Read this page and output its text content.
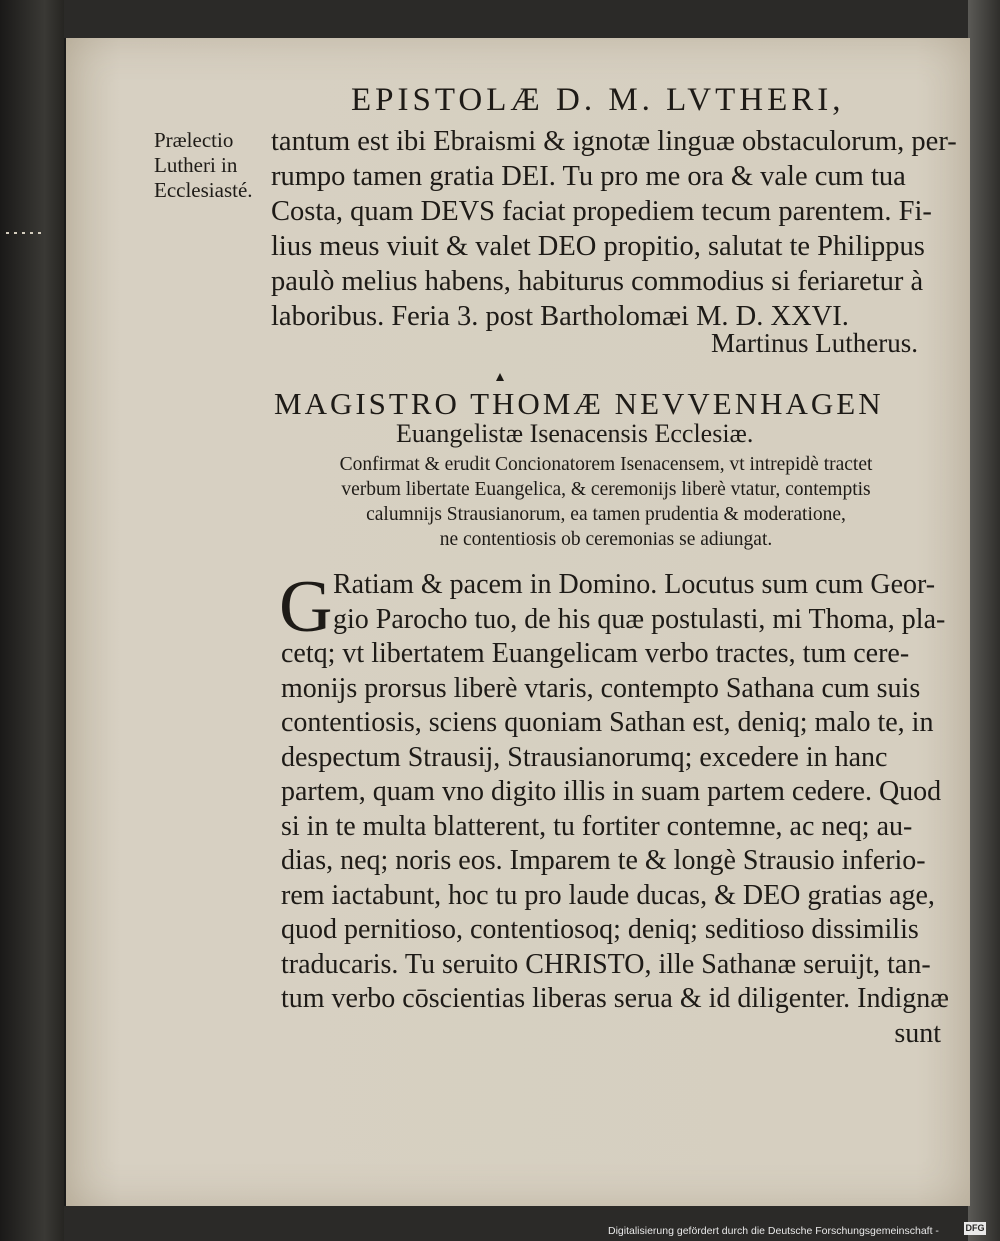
EPISTOLÆ D. M. LVTHERI,
Prælectio
Lutheri in
Ecclesiasté.
tantum est ibi Ebraismi & ignotæ linguæ obstaculorum, per-
rumpo tamen gratia DEI. Tu pro me ora & vale cum tua
Costa, quam DEVS faciat propediem tecum parentem. Fi-
lius meus viuit & valet DEO propitio, salutat te Philippus
paulò melius habens, habiturus commodius si feriaretur à
laboribus. Feria 3. post Bartholomæi M. D. XXVI.
Martinus Lutherus.
MAGISTRO THOMÆ NEVVENHAGEN
Euangelistæ Isenacensis Ecclesiæ.
Confirmat & erudit Concionatorem Isenacensem, vt intrepidè tractet
verbum libertate Euangelica, & ceremonijs liberè vtatur, contemptis
calumnijs Strausianorum, ea tamen prudentia & moderatione,
ne contentiosis ob ceremonias se adiungat.
G Ratiam & pacem in Domino. Locutus sum cum Geor-
gio Parocho tuo, de his quæ postulasti, mi Thoma, pla-
cetq; vt libertatem Euangelicam verbo tractes, tum cere-
monijs prorsus liberè vtaris, contempto Sathana cum suis
contentiosis, sciens quoniam Sathan est, deniq; malo te, in
despectum Strausij, Strausianorumq; excedere in hanc
partem, quam vno digito illis in suam partem cedere. Quod
si in te multa blatterent, tu fortiter contemne, ac neq; au-
dias, neq; noris eos. Imparem te & longè Strausio inferio-
rem iactabunt, hoc tu pro laude ducas, & DEO gratias age,
quod pernitioso, contentiosoq; deniq; seditioso dissimilis
traducaris. Tu seruito CHRISTO, ille Sathanæ seruijt, tan-
tum verbo cōscientias liberas serua & id diligenter. Indignæ
sunt
Digitalisierung gefördert durch die Deutsche Forschungsgemeinschaft -	DFG
